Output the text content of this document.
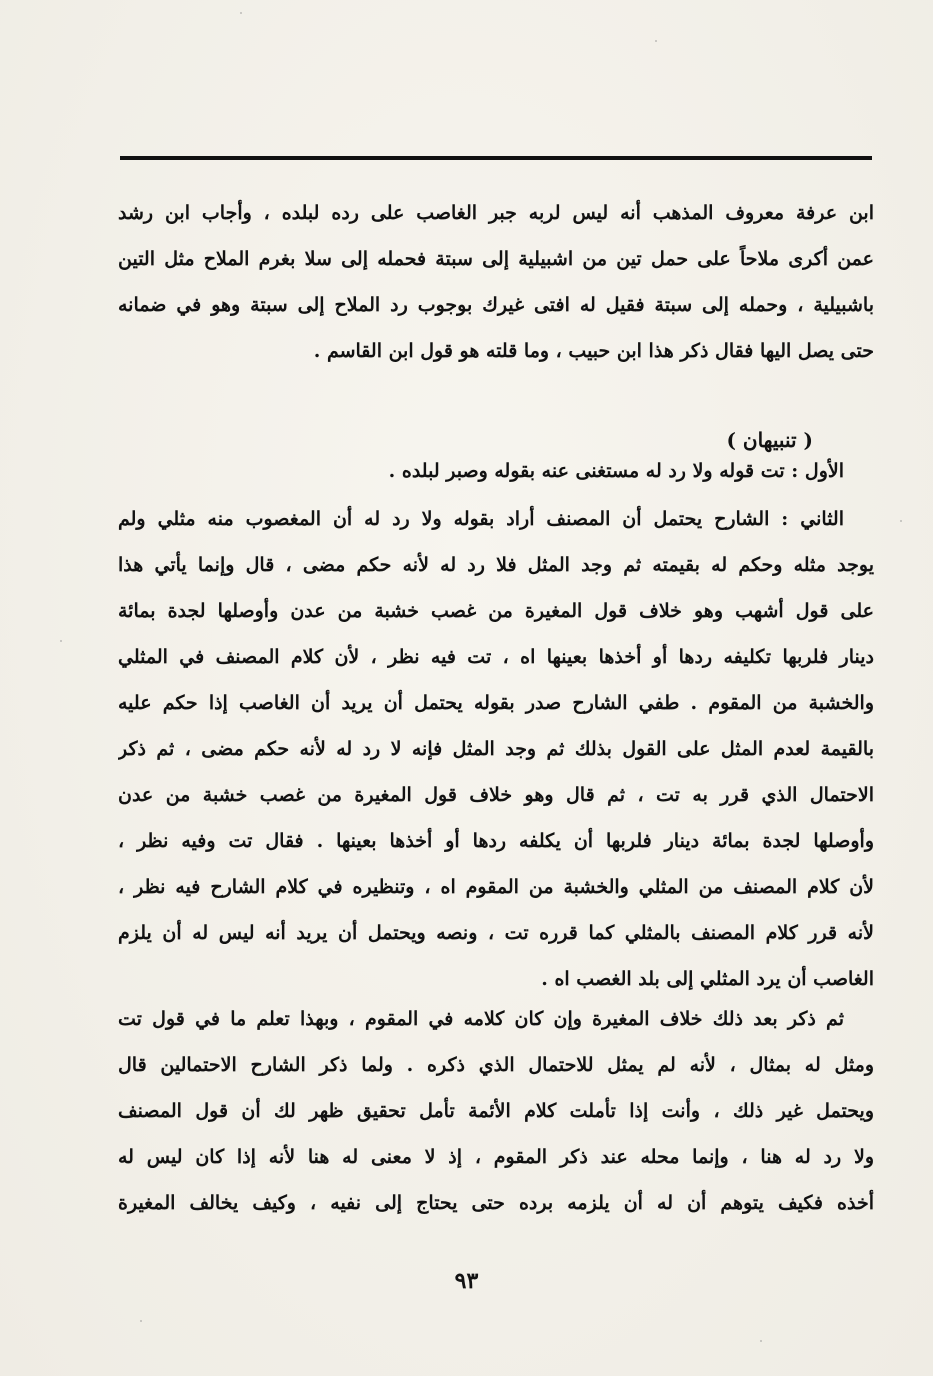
ابن عرفة معروف المذهب أنه ليس لربه جبر الغاصب على رده لبلده ، وأجاب ابن رشد
عمن أكرى ملاحاً على حمل تين من اشبيلية إلى سبتة فحمله إلى سلا بغرم الملاح مثل التين
باشبيلية ، وحمله إلى سبتة فقيل له افتى غيرك بوجوب رد الملاح إلى سبتة وهو في ضمانه
حتى يصل اليها فقال ذكر هذا ابن حبيب ، وما قلته هو قول ابن القاسم .
( تنبيهان )
الأول : تت قوله ولا رد له مستغنى عنه بقوله وصبر لبلده .
الثاني : الشارح يحتمل أن المصنف أراد بقوله ولا رد له أن المغصوب منه مثلي ولم
يوجد مثله وحكم له بقيمته ثم وجد المثل فلا رد له لأنه حكم مضى ، قال وإنما يأتي هذا
على قول أشهب وهو خلاف قول المغيرة من غصب خشبة من عدن وأوصلها لجدة بمائة
دينار فلربها تكليفه ردها أو أخذها بعينها اه ، تت فيه نظر ، لأن كلام المصنف في المثلي
والخشبة من المقوم . طفي الشارح صدر بقوله يحتمل أن يريد أن الغاصب إذا حكم عليه
بالقيمة لعدم المثل على القول بذلك ثم وجد المثل فإنه لا رد له لأنه حكم مضى ، ثم ذكر
الاحتمال الذي قرر به تت ، ثم قال وهو خلاف قول المغيرة من غصب خشبة من عدن
وأوصلها لجدة بمائة دينار فلربها أن يكلفه ردها أو أخذها بعينها . فقال تت وفيه نظر ،
لأن كلام المصنف من المثلي والخشبة من المقوم اه ، وتنظيره في كلام الشارح فيه نظر ،
لأنه قرر كلام المصنف بالمثلي كما قرره تت ، ونصه ويحتمل أن يريد أنه ليس له أن يلزم
الغاصب أن يرد المثلي إلى بلد الغصب اه .
ثم ذكر بعد ذلك خلاف المغيرة وإن كان كلامه في المقوم ، وبهذا تعلم ما في قول تت
ومثل له بمثال ، لأنه لم يمثل للاحتمال الذي ذكره . ولما ذكر الشارح الاحتمالين قال
ويحتمل غير ذلك ، وأنت إذا تأملت كلام الأئمة تأمل تحقيق ظهر لك أن قول المصنف
ولا رد له هنا ، وإنما محله عند ذكر المقوم ، إذ لا معنى له هنا لأنه إذا كان ليس له
أخذه فكيف يتوهم أن له أن يلزمه برده حتى يحتاج إلى نفيه ، وكيف يخالف المغيرة
٩٣
